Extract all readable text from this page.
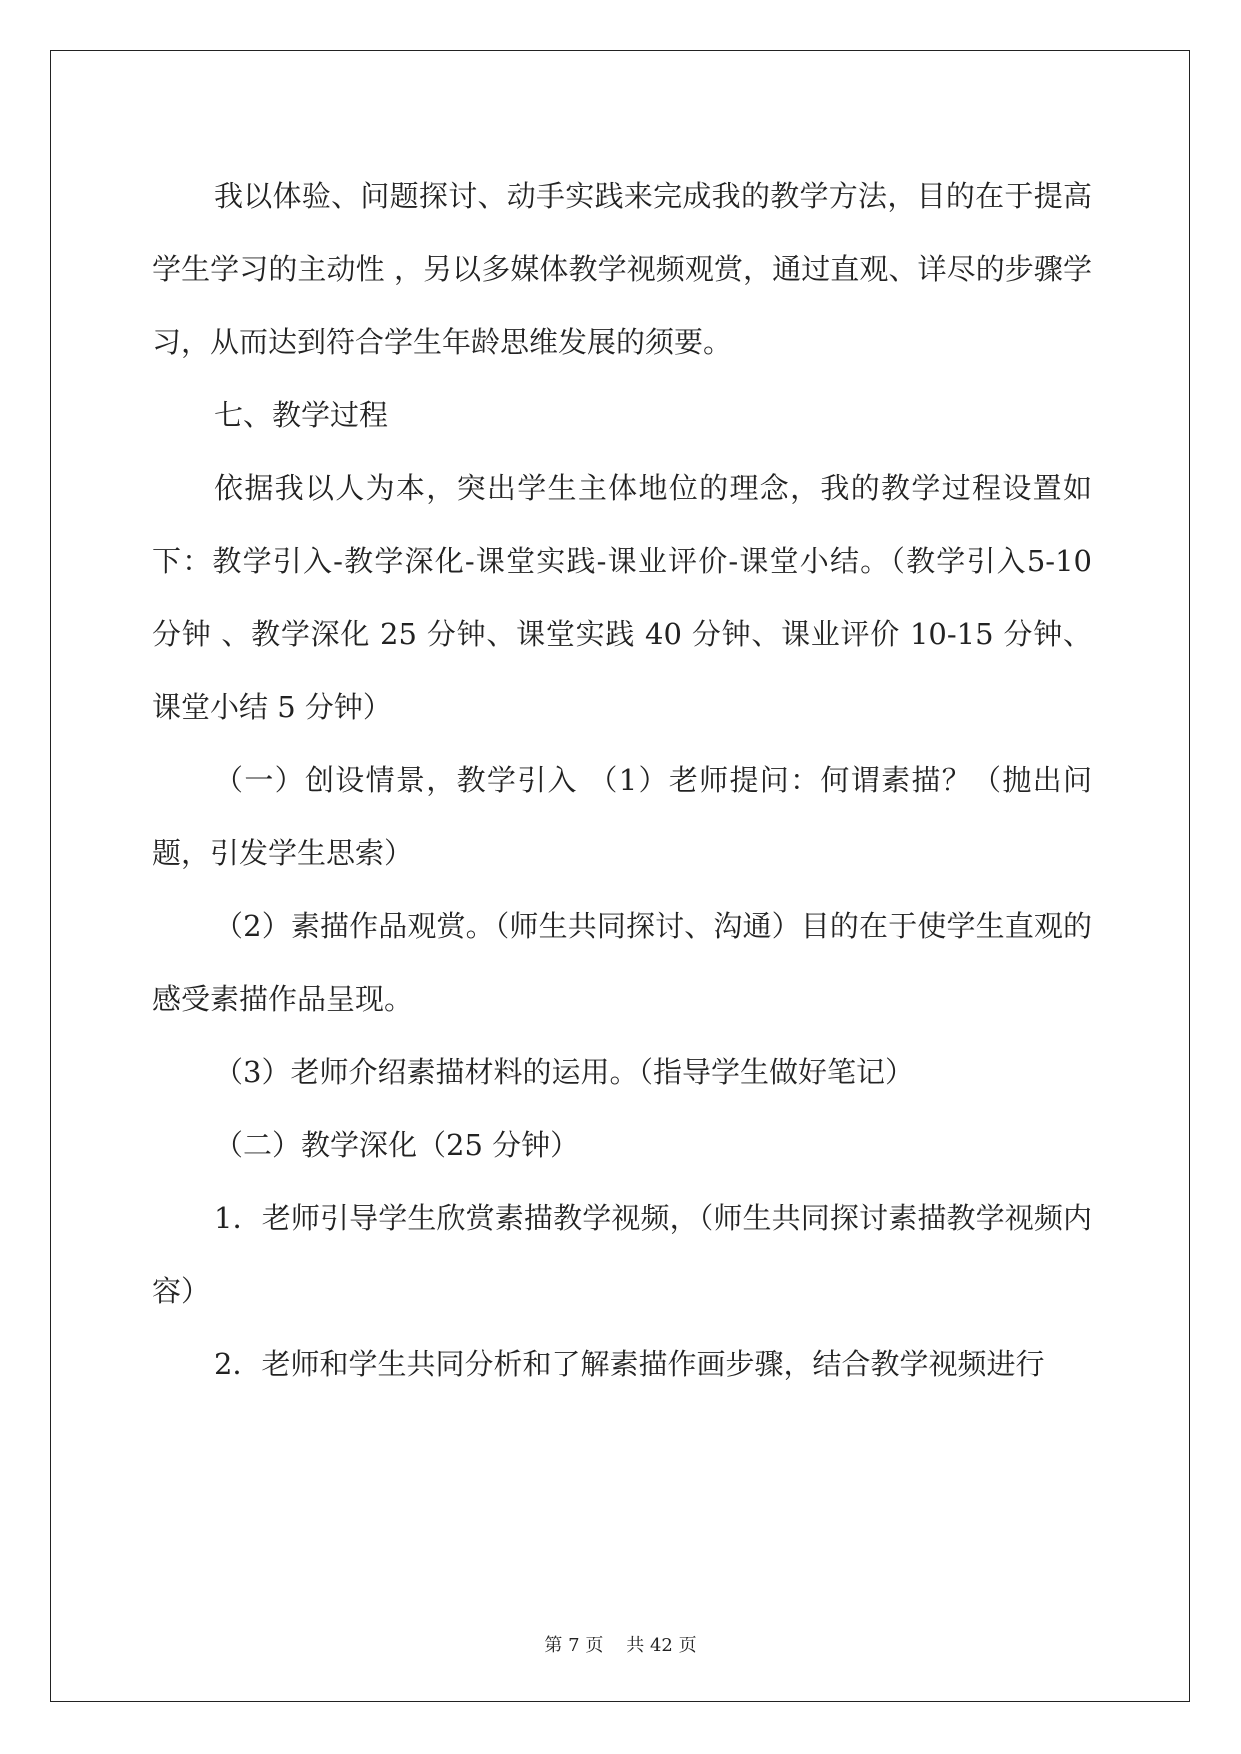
我以体验、问题探讨、动手实践来完成我的教学方法，目的在于提高学生学习的主动性 ，另以多媒体教学视频观赏，通过直观、详尽的步骤学习，从而达到符合学生年龄思维发展的须要。

七、教学过程

依据我以人为本，突出学生主体地位的理念，我的教学过程设置如下：教学引入-教学深化-课堂实践-课业评价-课堂小结。（教学引入5-10 分钟 、教学深化 25 分钟、课堂实践 40 分钟、课业评价 10-15 分钟、课堂小结 5 分钟）

（一）创设情景，教学引入 （1）老师提问：何谓素描？（抛出问题，引发学生思索）

（2）素描作品观赏。（师生共同探讨、沟通）目的在于使学生直观的感受素描作品呈现。

（3）老师介绍素描材料的运用。（指导学生做好笔记）

（二）教学深化（25 分钟）

1．老师引导学生欣赏素描教学视频，（师生共同探讨素描教学视频内容）

2．老师和学生共同分析和了解素描作画步骤，结合教学视频进行

第 7 页 共 42 页
